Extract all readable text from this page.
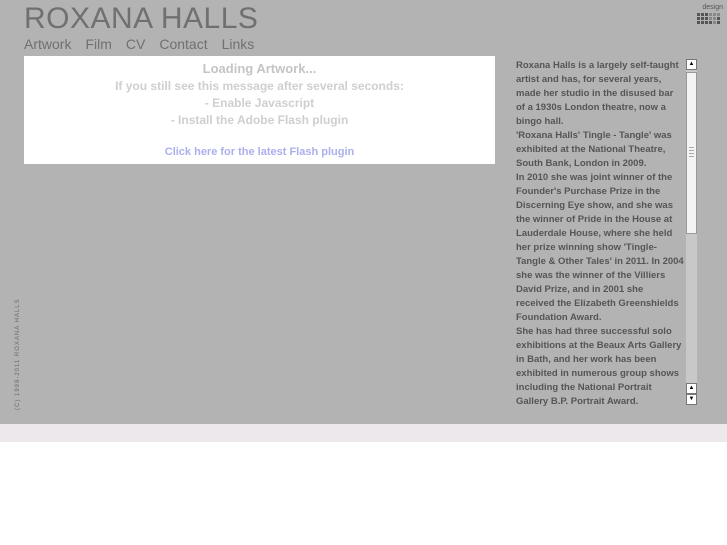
ROXANA HALLS
Artwork Film CV Contact Links
design
Loading Artwork...
If you still see this message after several seconds:
- Enable Javascript
- Install the Adobe Flash plugin
Click here for the latest Flash plugin

Roxana Halls is a largely self-taught artist and has, for several years, made her studio in the disused bar of a 1930s London theatre, now a bingo hall.

'Roxana Halls' Tingle - Tangle' was exhibited at the National Theatre, South Bank, London in 2009.

In 2010 she was joint winner of the Founder's Purchase Prize in the Discerning Eye show, and she was the winner of Pride in the House at Lauderdale House, where she held her prize winning show 'Tingle-Tangle & Other Tales' in 2011. In 2004 she was the winner of the Villiers David Prize, and in 2001 she received the Elizabeth Greenshields Foundation Award.

She has had three successful solo exhibitions at the Beaux Arts Gallery in Bath, and her work has been exhibited in numerous group shows including the National Portrait Gallery B.P. Portrait Award.

▲
▲
▼
(C) 1998-2011 ROXANA HALLS
